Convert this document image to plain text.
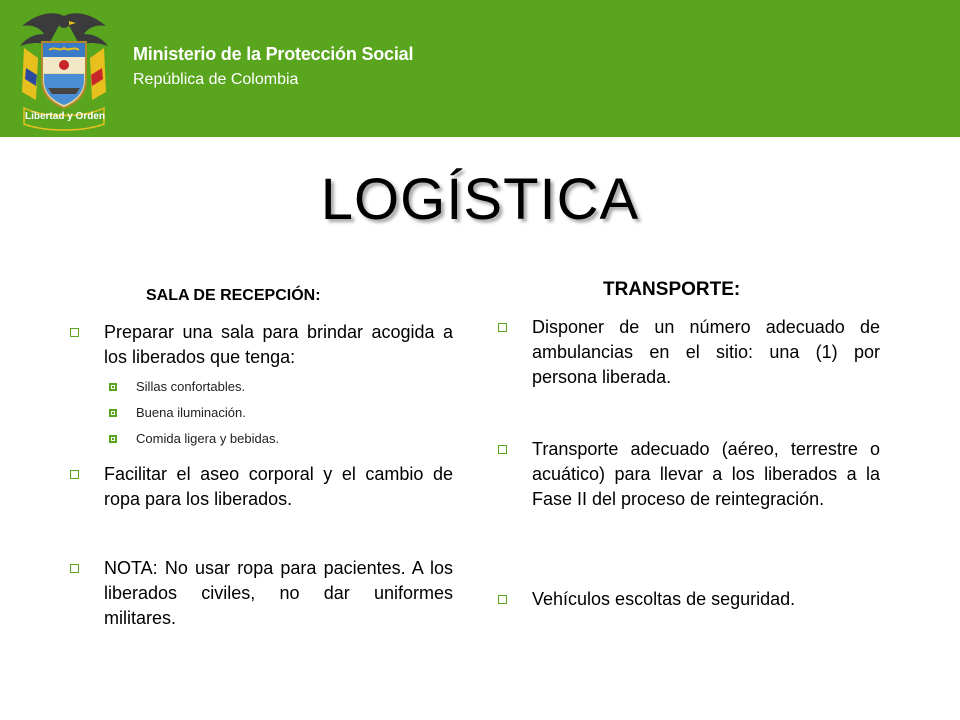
Libertad y Orden
Ministerio de la Protección Social
República de Colombia
LOGÍSTICA
SALA DE RECEPCIÓN:
Preparar una sala para brindar acogida a los liberados que tenga:
Sillas confortables.
Buena iluminación.
Comida ligera y bebidas.
Facilitar el aseo corporal y el cambio de ropa para los liberados.
NOTA: No usar ropa para pacientes. A los liberados civiles, no dar uniformes militares.
TRANSPORTE:
Disponer de un número adecuado de ambulancias en el sitio: una (1) por persona liberada.
Transporte adecuado (aéreo, terrestre o acuático) para llevar a los liberados a la Fase II del proceso de reintegración.
Vehículos escoltas de seguridad.
